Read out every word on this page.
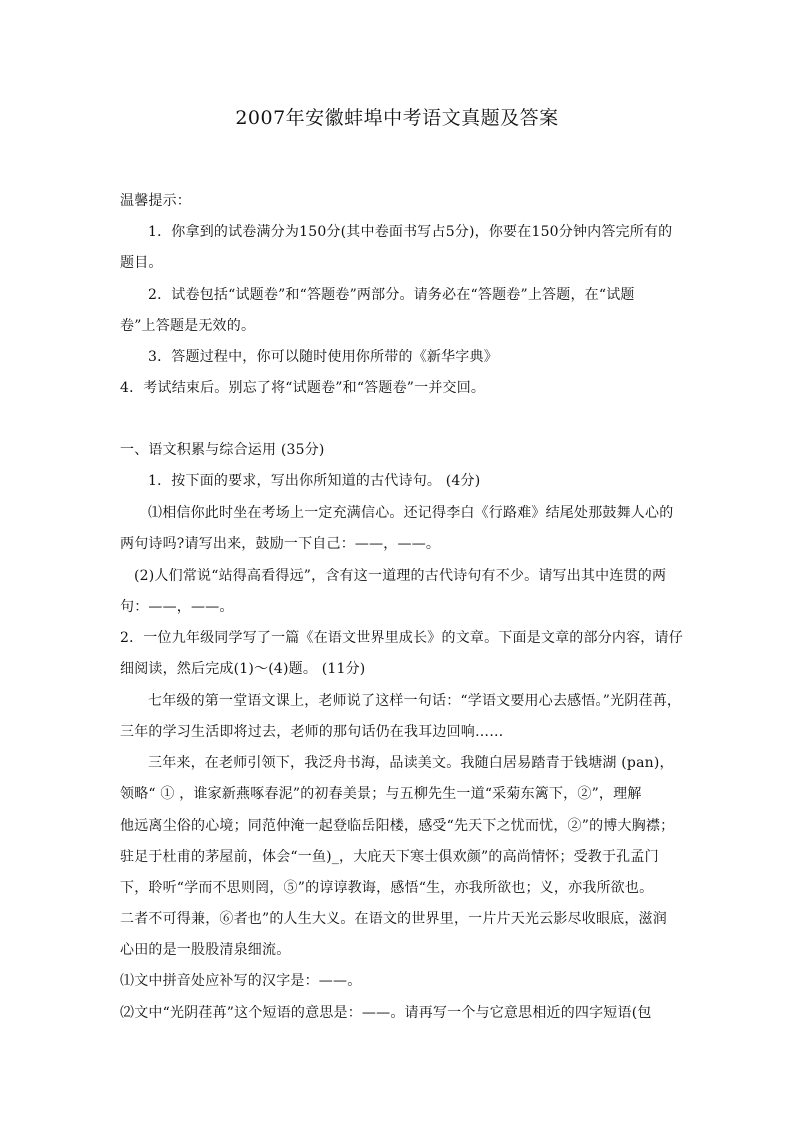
2007年安徽蚌埠中考语文真题及答案
温馨提示：
1．你拿到的试卷满分为150分(其中卷面书写占5分)，你要在150分钟内答完所有的
题目。
2．试卷包括“试题卷”和“答题卷”两部分。请务必在“答题卷”上答题，在“试题
卷”上答题是无效的。
3．答题过程中，你可以随时使用你所带的《新华字典》
4．考试结束后。别忘了将“试题卷”和“答题卷”一并交回。
一、语文积累与综合运用 (35分)
1．按下面的要求，写出你所知道的古代诗句。 (4分)
⑴相信你此时坐在考场上一定充满信心。还记得李白《行路难》结尾处那鼓舞人心的
两句诗吗?请写出来，鼓励一下自己：——，——。
(2)人们常说“站得高看得远”，含有这一道理的古代诗句有不少。请写出其中连贯的两
句：——，——。
2．一位九年级同学写了一篇《在语文世界里成长》的文章。下面是文章的部分内容，请仔
细阅读，然后完成(1)～(4)题。 (11分)
七年级的第一堂语文课上，老师说了这样一句话：“学语文要用心去感悟。”光阴荏苒，
三年的学习生活即将过去，老师的那句话仍在我耳边回响……
三年来，在老师引领下，我泛舟书海，品读美文。我随白居易踏青于钱塘湖 (pan)，
领略“ ① ，谁家新燕啄春泥”的初春美景；与五柳先生一道“采菊东篱下，②”，理解
他远离尘俗的心境；同范仲淹一起登临岳阳楼，感受“先天下之忧而忧，②”的博大胸襟；
驻足于杜甫的茅屋前，体会“一鱼)_，大庇天下寒士俱欢颜”的高尚情怀；受教于孔孟门
下，聆听“学而不思则罔，⑤”的谆谆教诲，感悟“生，亦我所欲也；义，亦我所欲也。
二者不可得兼，⑥者也”的人生大义。在语文的世界里，一片片天光云影尽收眼底，滋润
心田的是一股股清泉细流。
⑴文中拼音处应补写的汉字是：——。
⑵文中“光阴荏苒”这个短语的意思是：——。请再写一个与它意思相近的四字短语(包
